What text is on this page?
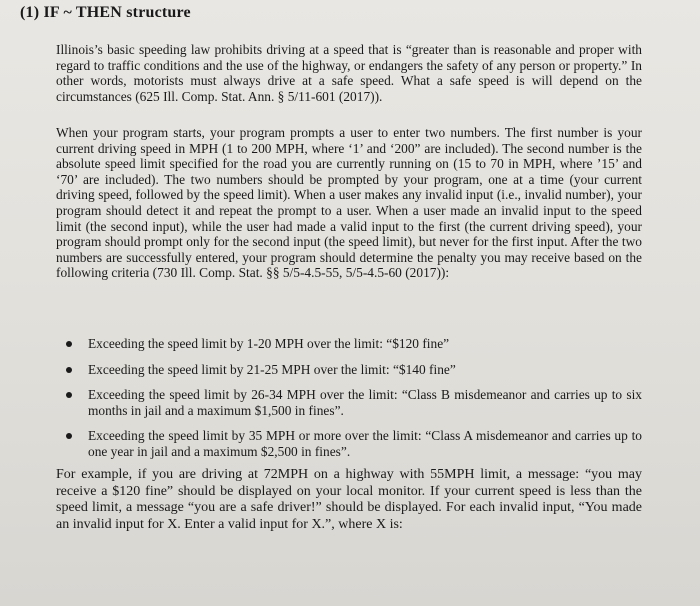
(1) IF ~ THEN structure

Illinois’s basic speeding law prohibits driving at a speed that is “greater than is reasonable and proper with regard to traffic conditions and the use of the highway, or endangers the safety of any person or property.” In other words, motorists must always drive at a safe speed. What a safe speed is will depend on the circumstances (625 Ill. Comp. Stat. Ann. § 5/11-601 (2017)).

When your program starts, your program prompts a user to enter two numbers. The first number is your current driving speed in MPH (1 to 200 MPH, where ‘1’ and ‘200” are included). The second number is the absolute speed limit specified for the road you are currently running on (15 to 70 in MPH, where ’15’ and ‘70’ are included). The two numbers should be prompted by your program, one at a time (your current driving speed, followed by the speed limit). When a user makes any invalid input (i.e., invalid number), your program should detect it and repeat the prompt to a user. When a user made an invalid input to the speed limit (the second input), while the user had made a valid input to the first (the current driving speed), your program should prompt only for the second input (the speed limit), but never for the first input. After the two numbers are successfully entered, your program should determine the penalty you may receive based on the following criteria (730 Ill. Comp. Stat. §§ 5/5-4.5-55, 5/5-4.5-60 (2017)):

Exceeding the speed limit by 1-20 MPH over the limit: “$120 fine”
Exceeding the speed limit by 21-25 MPH over the limit: “$140 fine”
Exceeding the speed limit by 26-34 MPH over the limit: “Class B misdemeanor and carries up to six months in jail and a maximum $1,500 in fines”.
Exceeding the speed limit by 35 MPH or more over the limit: “Class A misdemeanor and carries up to one year in jail and a maximum $2,500 in fines”.

For example, if you are driving at 72MPH on a highway with 55MPH limit, a message: “you may receive a $120 fine” should be displayed on your local monitor. If your current speed is less than the speed limit, a message “you are a safe driver!” should be displayed. For each invalid input, “You made an invalid input for X. Enter a valid input for X.”, where X is:
